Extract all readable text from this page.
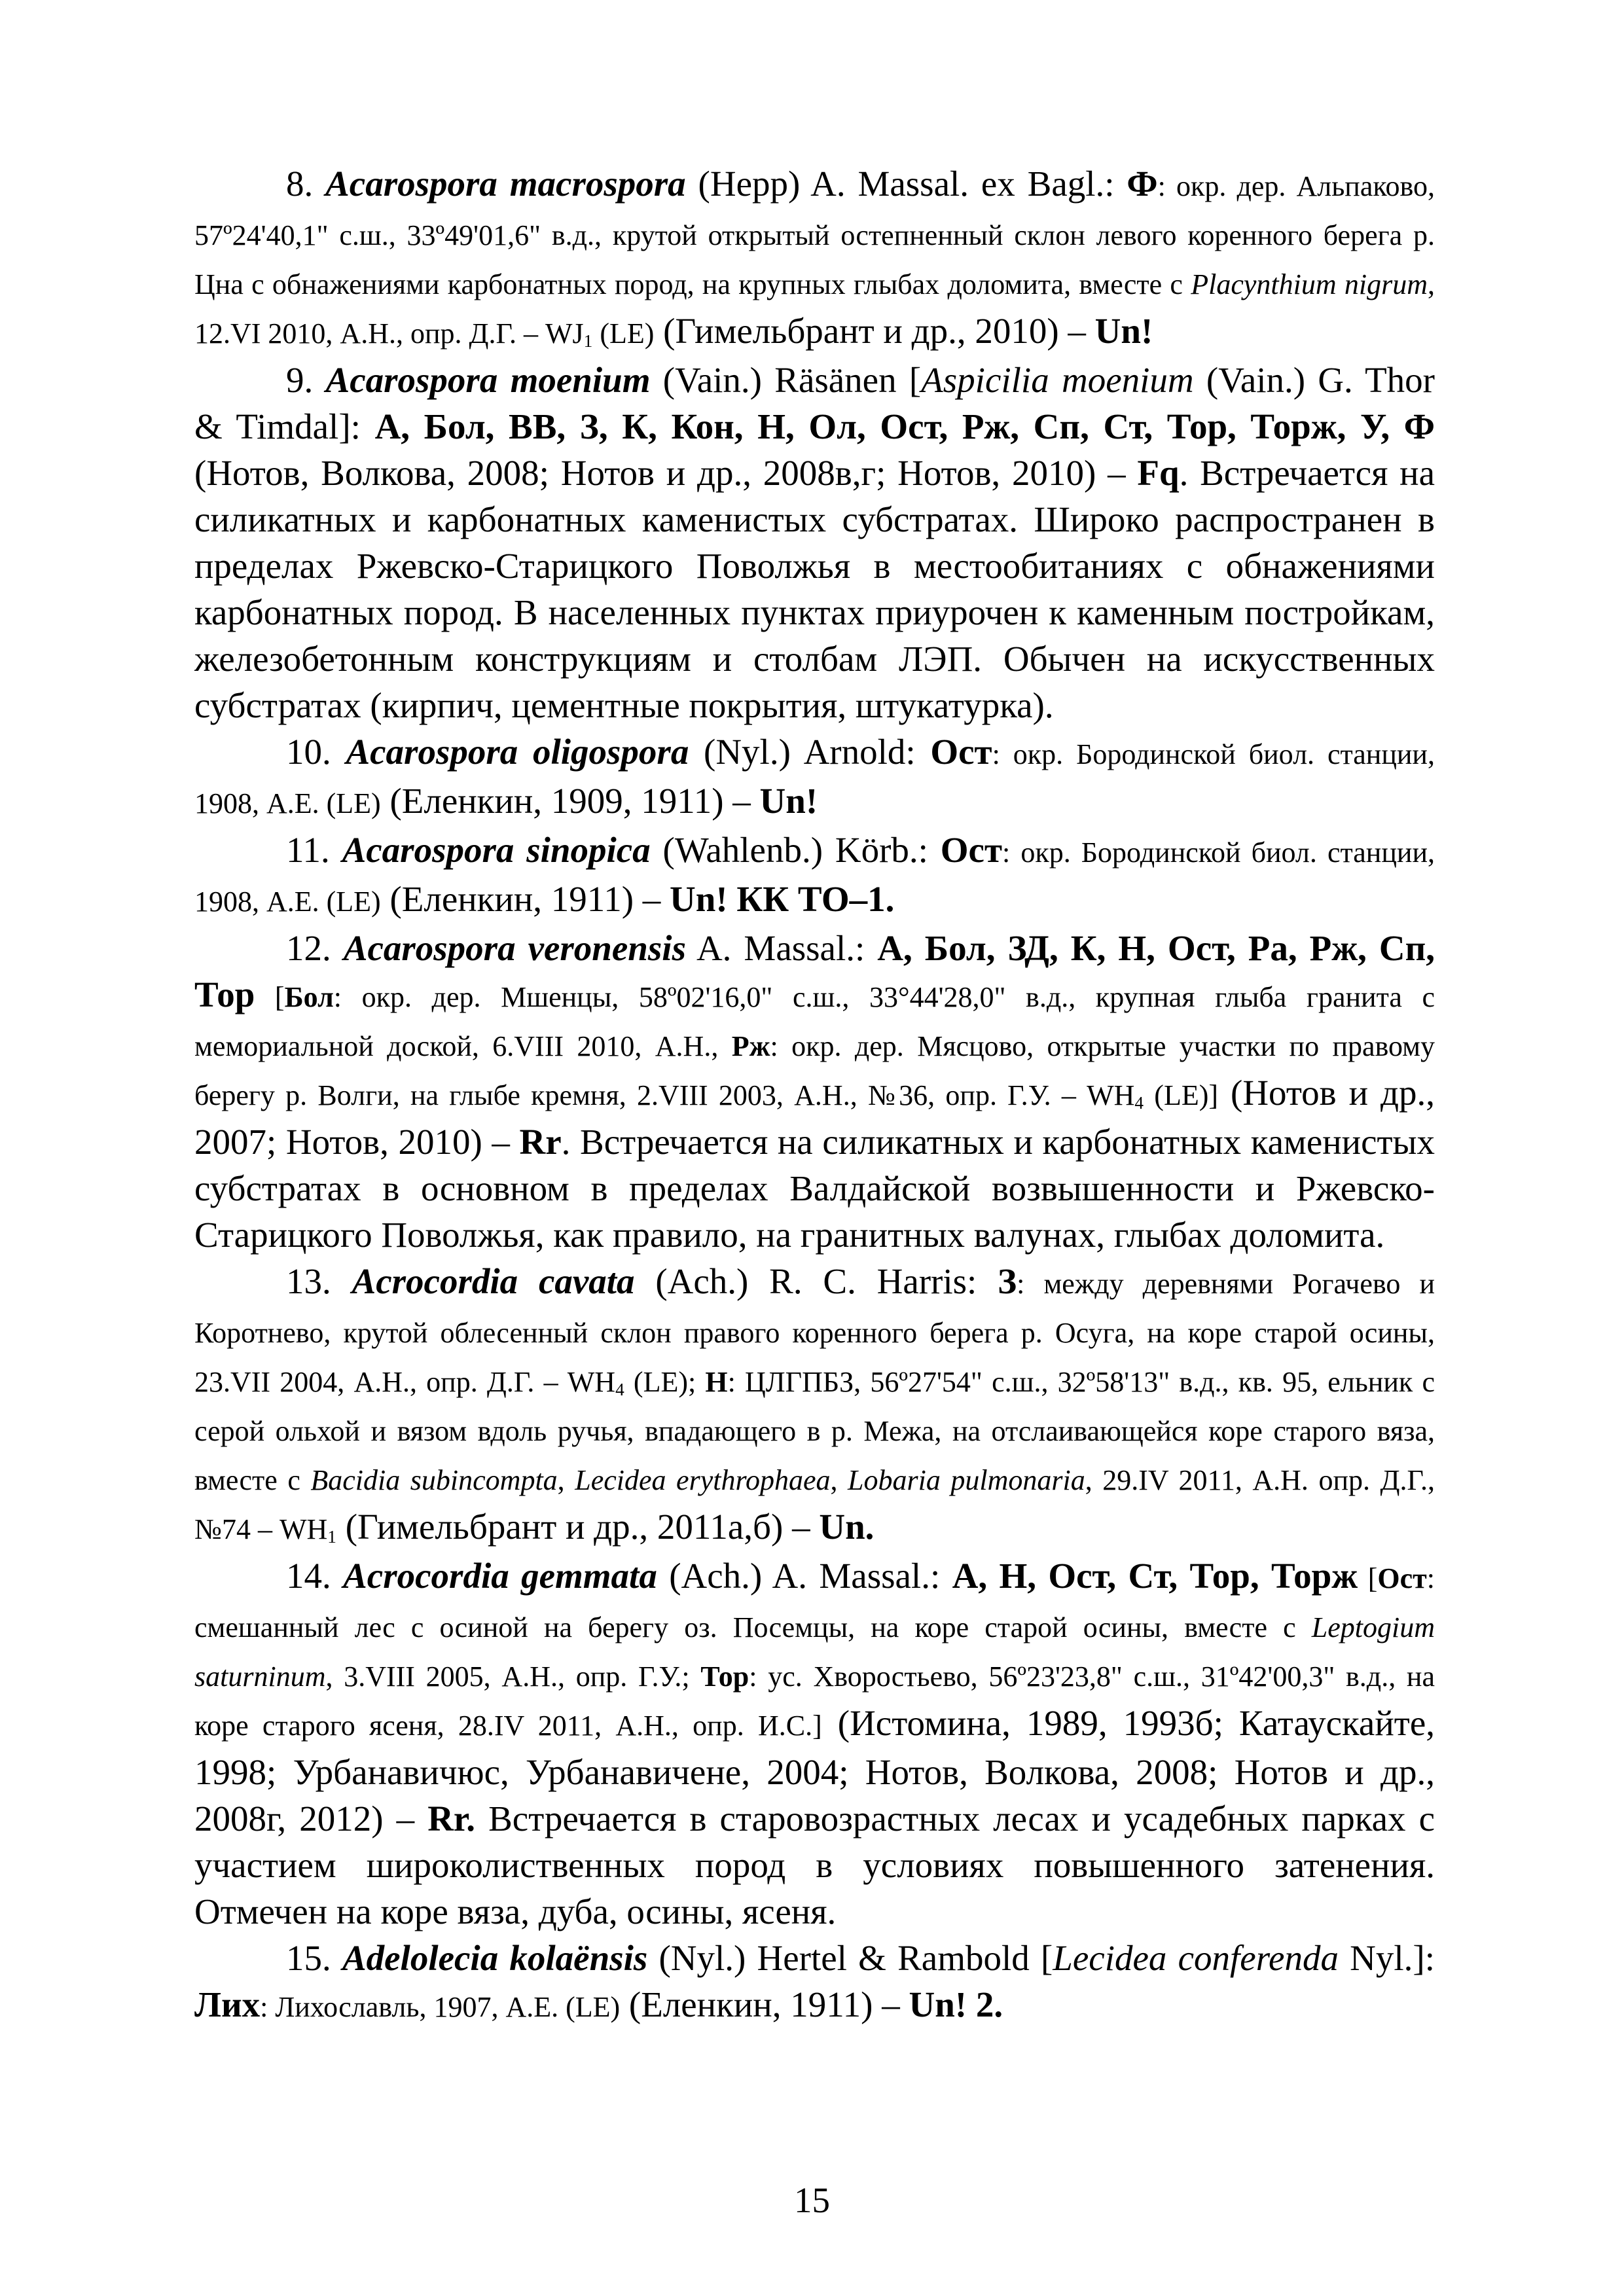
8. Acarospora macrospora (Hepp) A. Massal. ex Bagl.: Ф: окр. дер. Альпаково, 57º24'40,1" с.ш., 33º49'01,6" в.д., крутой открытый остепненный склон левого коренного берега р. Цна с обнажениями карбонатных пород, на крупных глыбах доломита, вместе с Placynthium nigrum, 12.VI 2010, А.Н., опр. Д.Г. – $WJ_1$ (LE) (Гимельбрант и др., 2010) – Un!

9. Acarospora moenium (Vain.) Räsänen [Aspicilia moenium (Vain.) G. Thor & Timdal]: А, Бол, ВВ, З, К, Кон, Н, Ол, Ост, Рж, Сп, Ст, Тор, Торж, У, Ф (Нотов, Волкова, 2008; Нотов и др., 2008в,г; Нотов, 2010) – Fq. Встречается на силикатных и карбонатных каменистых субстратах. Широко распространен в пределах Ржевско-Старицкого Поволжья в местообитаниях с обнажениями карбонатных пород. В населенных пунктах приурочен к каменным постройкам, железобетонным конструкциям и столбам ЛЭП. Обычен на искусственных субстратах (кирпич, цементные покрытия, штукатурка).

10. Acarospora oligospora (Nyl.) Arnold: Ост: окр. Бородинской биол. станции, 1908, А.Е. (LE) (Еленкин, 1909, 1911) – Un!

11. Acarospora sinopica (Wahlenb.) Körb.: Ост: окр. Бородинской биол. станции, 1908, А.Е. (LE) (Еленкин, 1911) – Un! КК ТО–1.

12. Acarospora veronensis A. Massal.: А, Бол, ЗД, К, Н, Ост, Ра, Рж, Сп, Тор [Бол: окр. дер. Мшенцы, 58º02'16,0" с.ш., 33°44'28,0" в.д., крупная глыба гранита с мемориальной доской, 6.VIII 2010, А.Н., Рж: окр. дер. Мясцово, открытые участки по правому берегу р. Волги, на глыбе кремня, 2.VIII 2003, А.Н., №36, опр. Г.У. – $WH_4$ (LE)] (Нотов и др., 2007; Нотов, 2010) – Rr. Встречается на силикатных и карбонатных каменистых субстратах в основном в пределах Валдайской возвышенности и Ржевско-Старицкого Поволжья, как правило, на гранитных валунах, глыбах доломита.

13. Acrocordia cavata (Ach.) R. C. Harris: З: между деревнями Рогачево и Коротнево, крутой облесенный склон правого коренного берега р. Осуга, на коре старой осины, 23.VII 2004, А.Н., опр. Д.Г. – $WH_4$ (LE); Н: ЦЛГПБЗ, 56º27'54" с.ш., 32º58'13" в.д., кв. 95, ельник с серой ольхой и вязом вдоль ручья, впадающего в р. Межа, на отслаивающейся коре старого вяза, вместе с Bacidia subincompta, Lecidea erythrophaea, Lobaria pulmonaria, 29.IV 2011, А.Н. опр. Д.Г., №74 – $WH_1$ (Гимельбрант и др., 2011а,б) – Un.

14. Acrocordia gemmata (Ach.) A. Massal.: А, Н, Ост, Ст, Тор, Торж [Ост: смешанный лес с осиной на берегу оз. Посемцы, на коре старой осины, вместе с Leptogium saturninum, 3.VIII 2005, А.Н., опр. Г.У.; Тор: ус. Хворостьево, 56º23'23,8" с.ш., 31º42'00,3" в.д., на коре старого ясеня, 28.IV 2011, А.Н., опр. И.С.] (Истомина, 1989, 1993б; Катаускайте, 1998; Урбанавичюс, Урбанавичене, 2004; Нотов, Волкова, 2008; Нотов и др., 2008г, 2012) – Rr. Встречается в старовозрастных лесах и усадебных парках с участием широколиственных пород в условиях повышенного затенения. Отмечен на коре вяза, дуба, осины, ясеня.

15. Adelolecia kolaënsis (Nyl.) Hertel & Rambold [Lecidea conferenda Nyl.]: Лих: Лихославль, 1907, А.Е. (LE) (Еленкин, 1911) – Un! 2.

15
